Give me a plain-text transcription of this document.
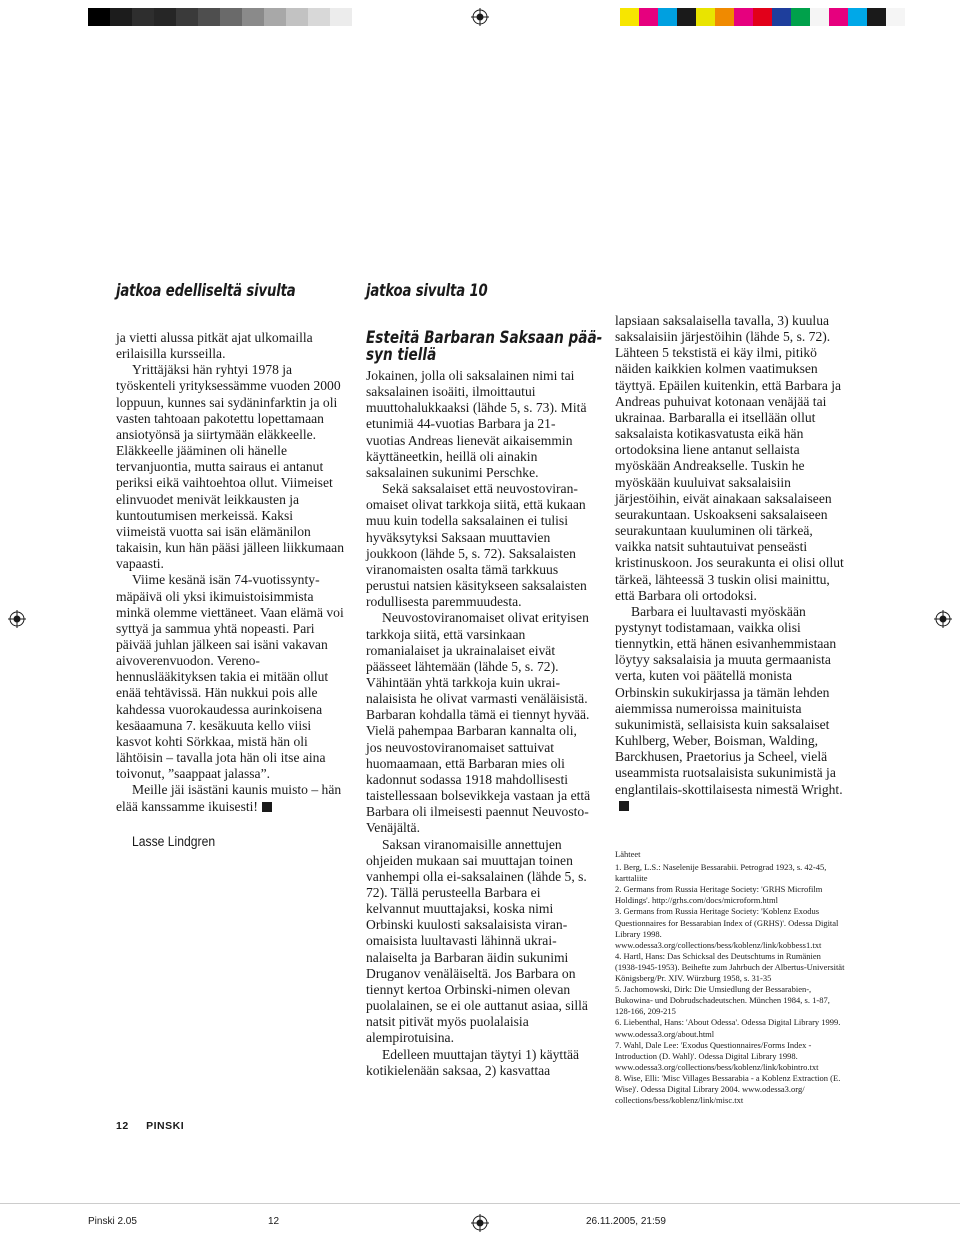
jatkoa edelliseltä sivulta

ja vietti alussa pitkät ajat ulkomailla erilaisilla kursseilla.

Yrittäjäksi hän ryhtyi 1978 ja työskenteli yrityksessämme vuoden 2000 loppuun, kunnes sai sydäninfarktin ja oli vasten tahtoaan pakotettu lopettamaan ansiotyönsä ja siirtymään eläkkeelle. Eläkkeelle jääminen oli hänelle tervanjuontia, mutta sairaus ei antanut periksi eikä vaihtoehtoa ollut. Viimeiset elinvuodet menivät leikkausten ja kuntoutumisen merkeissä. Kaksi viimeistä vuotta sai isän elämänilon takaisin, kun hän pääsi jälleen liikkumaan vapaasti.

Viime kesänä isän 74-vuotissyntymäpäivä oli yksi ikimuistoisimmista minkä olemme viettäneet. Vaan elämä voi syttyä ja sammua yhtä nopeasti. Pari päivää juhlan jälkeen sai isäni vakavan aivoverenvuodon. Verenohennuslääkityksen takia ei mitään ollut enää tehtävissä. Hän nukkui pois alle kahdessa vuorokaudessa aurinkoisena kesäaamuna 7. kesäkuuta kello viisi kasvot kohti Sörkkaa, mistä hän oli lähtöisin – tavalla jota hän oli itse aina toivonut, ”saappaat jalassa”.

Meille jäi isästäni kaunis muisto – hän elää kanssamme ikuisesti!

Lasse Lindgren
jatkoa sivulta 10
Esteitä Barbaran Saksaan pääsyn tiellä

Jokainen, jolla oli saksalainen nimi tai saksalainen isoäiti, ilmoittautui muuttohalukkaaksi (lähde 5, s. 73). Mitä etunimiä 44-vuotias Barbara ja 21-vuotias Andreas lienevät aikaisemmin käyttäneetkin, heillä oli ainakin saksalainen sukunimi Perschke.

Sekä saksalaiset että neuvostoviranomaiset olivat tarkkoja siitä, että kukaan muu kuin todella saksalainen ei tulisi hyväksytyksi Saksaan muuttavien joukkoon (lähde 5, s. 72). Saksalaisten viranomaisten osalta tämä tarkkuus perustui natsien käsitykseen saksalaisten rodullisesta paremmuudesta.

Neuvostoviranomaiset olivat erityisen tarkkoja siitä, että varsinkaan romanialaiset ja ukrainalaiset eivät päässeet lähtemään (lähde 5, s. 72). Vähintään yhtä tarkkoja kuin ukrainalaisista he olivat varmasti venäläisistä. Barbaran kohdalla tämä ei tiennyt hyvää. Vielä pahempaa Barbaran kannalta oli, jos neuvostoviranomaiset sattuivat huomaamaan, että Barbaran mies oli kadonnut sodassa 1918 mahdollisesti taistellessaan bolsevikkeja vastaan ja että Barbara oli ilmeisesti paennut Neuvosto-Venäjältä.

Saksan viranomaisille annettujen ohjeiden mukaan sai muuttajan toinen vanhempi olla ei-saksalainen (lähde 5, s. 72). Tällä perusteella Barbara ei kelvannut muuttajaksi, koska nimi Orbinski kuulosti saksalaisista viranomaisista luultavasti lähinnä ukrainalaiselta ja Barbaran äidin sukunimi Druganov venäläiseltä. Jos Barbara on tiennyt kertoa Orbinski-nimen olevan puolalainen, se ei ole auttanut asiaa, sillä natsit pitivät myös puolalaisia alempirotuisina.

Edelleen muuttajan täytyi 1) käyttää kotikielenään saksaa, 2) kasvattaa

lapsiaan saksalaisella tavalla, 3) kuulua saksalaisiin järjestöihin (lähde 5, s. 72). Lähteen 5 tekstistä ei käy ilmi, pitikö näiden kaikkien kolmen vaatimuksen täyttyä. Epäilen kuitenkin, että Barbara ja Andreas puhuivat kotonaan venäjää tai ukrainaa. Barbaralla ei itsellään ollut saksalaista kotikasvatusta eikä hän ortodoksina liene antanut sellaista myöskään Andreakselle. Tuskin he myöskään kuuluivat saksalaisiin järjestöihin, eivät ainakaan saksalaiseen seurakuntaan. Uskoakseni saksalaiseen seurakuntaan kuuluminen oli tärkeä, vaikka natsit suhtautuivat penseästi kristinuskoon. Jos seurakunta ei olisi ollut tärkeä, lähteessä 3 tuskin olisi mainittu, että Barbara oli ortodoksi.

Barbara ei luultavasti myöskään pystynyt todistamaan, vaikka olisi tiennytkin, että hänen esivanhemmistaan löytyy saksalaisia ja muuta germaanista verta, kuten voi päätellä monista Orbinskin sukukirjassa ja tämän lehden aiemmissa numeroissa mainituista sukunimistä, sellaisista kuin saksalaiset Kuhlberg, Weber, Boisman, Walding, Barckhusen, Praetorius ja Scheel, vielä useammista ruotsalaisista sukunimistä ja englantilais-skottilaisesta nimestä Wright.

Lähteet
1. Berg, L.S.: Naselenije Bessarabii. Petrograd 1923, s. 42-45, karttaliite
2. Germans from Russia Heritage Society: 'GRHS Microfilm Holdings'. http://grhs.com/docs/microform.html
3. Germans from Russia Heritage Society: 'Koblenz Exodus Questionnaires for Bessarabian Index of (GRHS)'. Odessa Digital Library 1998. www.odessa3.org/collections/bess/koblenz/link/kobbess1.txt
4. Hartl, Hans: Das Schicksal des Deutschtums in Rumänien (1938-1945-1953). Beihefte zum Jahrbuch der Albertus-Universität Königsberg/Pr. XIV. Würzburg 1958, s. 31-35
5. Jachomowski, Dirk: Die Umsiedlung der Bessarabien-, Bukowina- und Dobrudschadeutschen. München 1984, s. 1-87, 128-166, 209-215
6. Liebenthal, Hans: 'About Odessa'. Odessa Digital Library 1999. www.odessa3.org/about.html
7. Wahl, Dale Lee: 'Exodus Questionnaires/Forms Index - Introduction (D. Wahl)'. Odessa Digital Library 1998. www.odessa3.org/collections/bess/koblenz/link/kobintro.txt
8. Wise, Elli: 'Misc Villages Bessarabia - a Koblenz Extraction (E. Wise)'. Odessa Digital Library 2004. www.odessa3.org/ collections/bess/koblenz/link/misc.txt
12 PINSKI
Pinski 2.05	12	26.11.2005, 21:59
